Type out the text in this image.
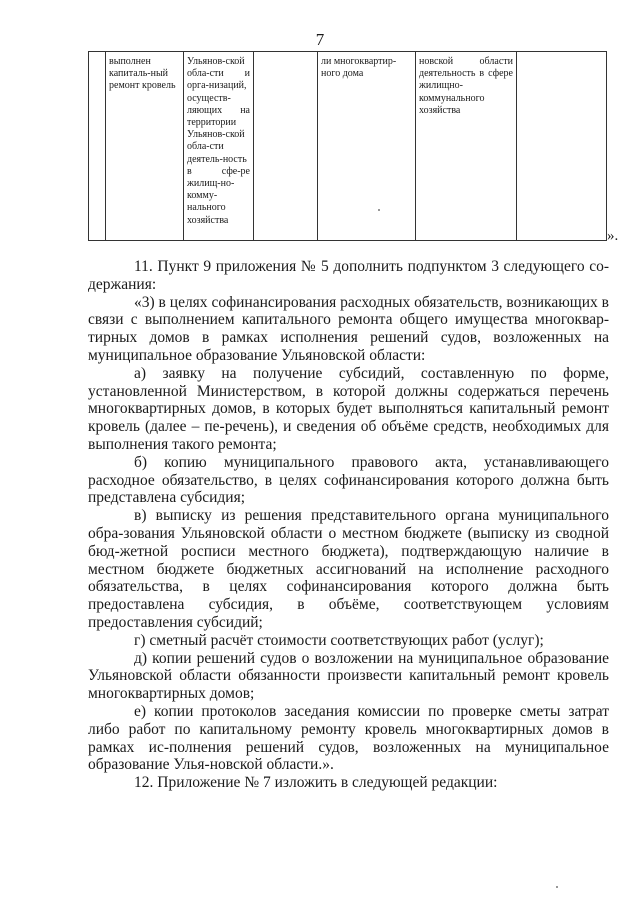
7
	выполнен капиталь-ный ремонт кровель	Ульянов-ской обла-сти и орга-низаций, осуществ-ляющих на территории Ульянов-ской обла-сти деятель-ность в сфе-ре жилищ-но-комму-нального хозяйства		ли многоквартир-ного дома	новской области деятельность в сфере жилищно-коммунального хозяйства	
».

11. Пункт 9 приложения № 5 дополнить подпунктом 3 следующего со-держания:

«3) в целях софинансирования расходных обязательств, возникающих в связи с выполнением капитального ремонта общего имущества многоквар-тирных домов в рамках исполнения решений судов, возложенных на муниципальное образование Ульяновской области:

а) заявку на получение субсидий, составленную по форме, установленной Министерством, в которой должны содержаться перечень многоквартирных домов, в которых будет выполняться капитальный ремонт кровель (далее – пе-речень), и сведения об объёме средств, необходимых для выполнения такого ремонта;

б) копию муниципального правового акта, устанавливающего расходное обязательство, в целях софинансирования которого должна быть представлена субсидия;

в) выписку из решения представительного органа муниципального обра-зования Ульяновской области о местном бюджете (выписку из сводной бюд-жетной росписи местного бюджета), подтверждающую наличие в местном бюджете бюджетных ассигнований на исполнение расходного обязательства, в целях софинансирования которого должна быть предоставлена субсидия, в объёме, соответствующем условиям предоставления субсидий;

г) сметный расчёт стоимости соответствующих работ (услуг);

д) копии решений судов о возложении на муниципальное образование Ульяновской области обязанности произвести капитальный ремонт кровель многоквартирных домов;

е) копии протоколов заседания комиссии по проверке сметы затрат либо работ по капитальному ремонту кровель многоквартирных домов в рамках ис-полнения решений судов, возложенных на муниципальное образование Улья-новской области.».

12. Приложение № 7 изложить в следующей редакции:
